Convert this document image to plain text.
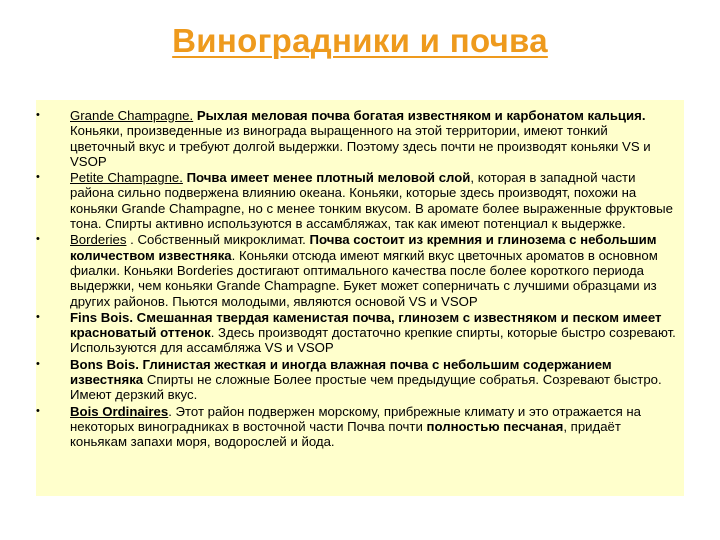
Виноградники и почва
•	Grande Champagne. Рыхлая меловая почва богатая известняком и карбонатом кальция. Коньяки, произведенные из винограда выращенного на этой территории, имеют тонкий цветочный вкус и требуют долгой выдержки. Поэтому здесь почти не производят коньяки VS и VSOP
•	Petite Champagne. Почва имеет менее плотный меловой слой, которая в западной части района сильно подвержена влиянию океана. Коньяки, которые здесь производят, похожи на коньяки Grande Champagne, но с менее тонким вкусом. В аромате более выраженные фруктовые тона. Спирты активно используются в ассамбляжах, так как имеют потенциал к выдержке.
•	Borderies . Собственный микроклимат. Почва состоит из кремния и глинозема с небольшим количеством известняка. Коньяки отсюда имеют мягкий вкус цветочных ароматов в основном фиалки. Коньяки Borderies достигают оптимального качества после более короткого периода выдержки, чем коньяки Grande Champagne. Букет может соперничать с лучшими образцами из других районов. Пьются молодыми, являются основой VS и VSOP
•	Fins Bois. Смешанная твердая каменистая почва, глинозем с известняком и песком имеет красноватый оттенок. Здесь производят достаточно крепкие спирты, которые быстро созревают. Используются для ассамбляжа VS и VSOP
•	Bons Bois. Глинистая жесткая и иногда влажная почва с небольшим содержанием известняка Спирты не сложные Более простые чем предыдущие собратья. Созревают быстро. Имеют дерзкий вкус.
•	Bois Ordinaires. Этот район подвержен морскому, прибрежные климату и это отражается на некоторых виноградниках в восточной части Почва почти полностью песчаная, придаёт коньякам запахи моря, водорослей и йода.
